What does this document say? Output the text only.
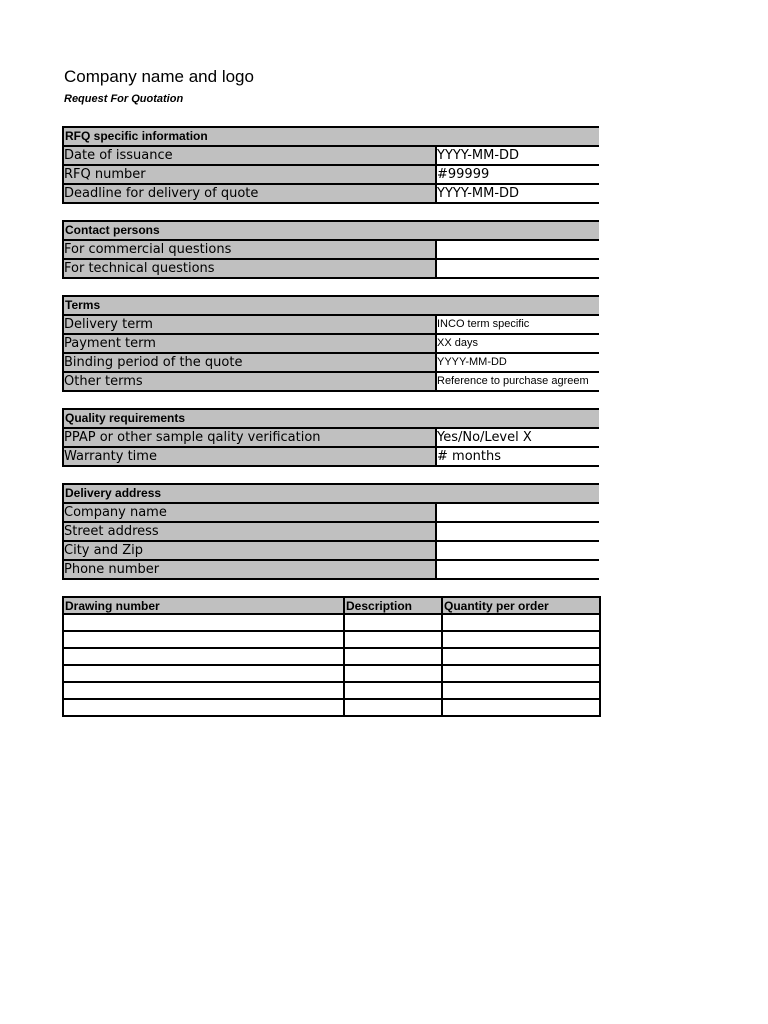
Company name and logo
Request For Quotation
RFQ specific information
Date of issuance	YYYY-MM-DD
RFQ number	#99999
Deadline for delivery of quote	YYYY-MM-DD
Contact persons
For commercial questions
For technical questions
Terms
Delivery term	INCO term specific
Payment term	XX days
Binding period of the quote	YYYY-MM-DD
Other terms	Reference to purchase agreem
Quality requirements
PPAP or other sample qality verification	Yes/No/Level X
Warranty time	# months
Delivery address
Company name
Street address
City and Zip
Phone number
Drawing number	Description	Quantity per order
